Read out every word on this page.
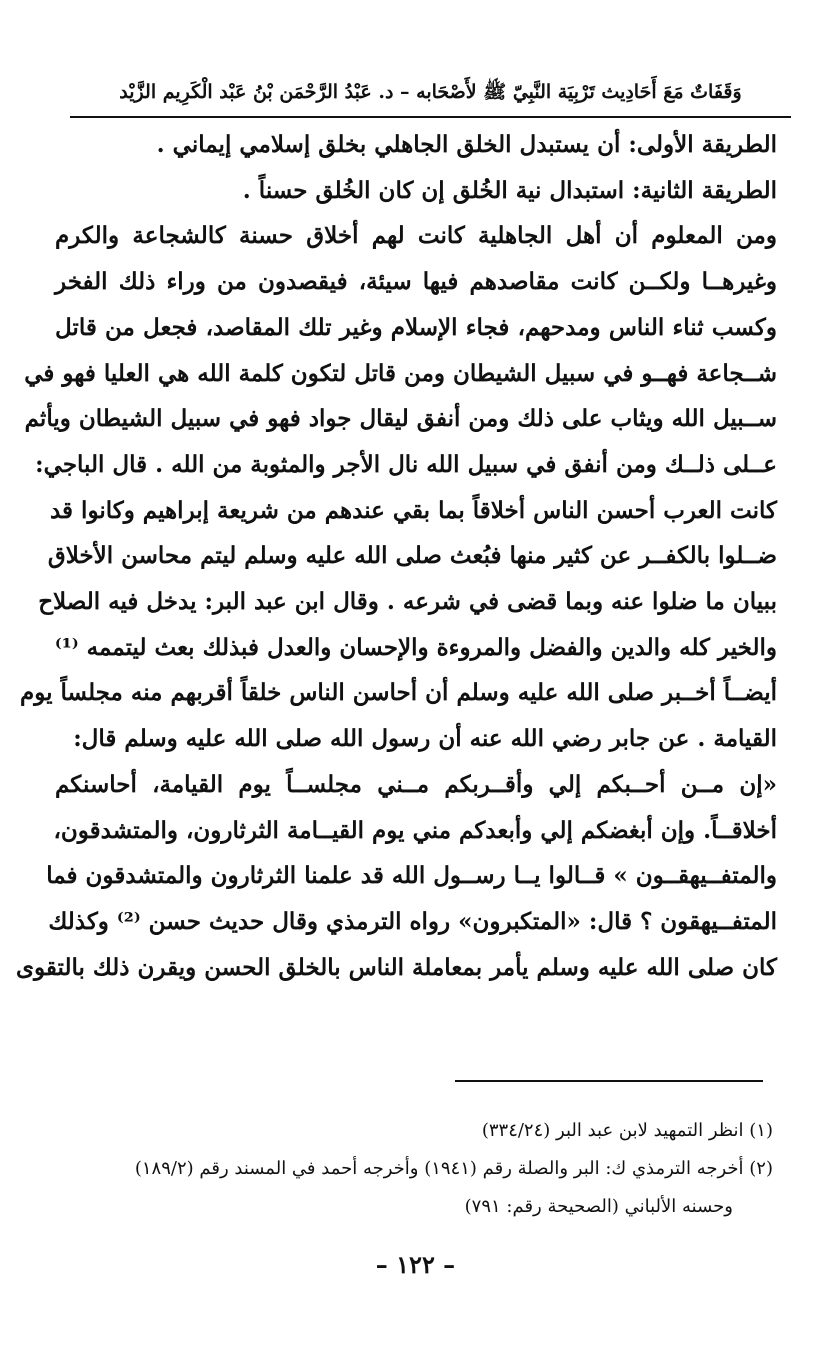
وَقَفَاتٌ مَعَ أَحَادِيث تَرْبِيَة النَّبِيّ ﷺ لأَصْحَابه – د. عَبْدُ الرَّحْمَن بْنُ عَبْد الْكَرِيم الزَّيْد
الطريقة الأولى: أن يستبدل الخلق الجاهلي بخلق إسلامي إيماني .
الطريقة الثانية: استبدال نية الخُلق إن كان الخُلق حسناً .
ومن المعلوم أن أهل الجاهلية كانت لهم أخلاق حسنة كالشجاعة والكرم
وغيرهــا ولكــن كانت مقاصدهم فيها سيئة، فيقصدون من وراء ذلك الفخر
وكسب ثناء الناس ومدحهم، فجاء الإسلام وغير تلك المقاصد، فجعل من قاتل
شــجاعة فهــو في سبيل الشيطان ومن قاتل لتكون كلمة الله هي العليا فهو في
ســبيل الله ويثاب على ذلك ومن أنفق ليقال جواد فهو في سبيل الشيطان ويأثم
عــلى ذلــك ومن أنفق في سبيل الله نال الأجر والمثوبة من الله . قال الباجي:
كانت العرب أحسن الناس أخلاقاً بما بقي عندهم من شريعة إبراهيم وكانوا قد
ضــلوا بالكفــر عن كثير منها فبُعث صلى الله عليه وسلم ليتم محاسن الأخلاق
ببيان ما ضلوا عنه وبما قضى في شرعه . وقال ابن عبد البر: يدخل فيه الصلاح
والخير كله والدين والفضل والمروءة والإحسان والعدل فبذلك بعث ليتممه ⁽¹⁾
أيضــاً أخــبر صلى الله عليه وسلم أن أحاسن الناس خلقاً أقربهم منه مجلساً يوم
القيامة . عن جابر رضي الله عنه أن رسول الله صلى الله عليه وسلم قال:
«إن مــن أحــبكم إلي وأقــربكم مــني مجلســاً يوم القيامة، أحاسنكم
أخلاقــاً. وإن أبغضكم إلي وأبعدكم مني يوم القيــامة الثرثارون، والمتشدقون،
والمتفــيهقــون » قــالوا يــا رســول الله قد علمنا الثرثارون والمتشدقون فما
المتفــيهقون ؟ قال: «المتكبرون» رواه الترمذي وقال حديث حسن ⁽²⁾ وكذلك
كان صلى الله عليه وسلم يأمر بمعاملة الناس بالخلق الحسن ويقرن ذلك بالتقوى
(١) انظر التمهيد لابن عبد البر (٣٣٤/٢٤)
(٢) أخرجه الترمذي ك: البر والصلة رقم (١٩٤١) وأخرجه أحمد في المسند رقم (١٨٩/٢)
وحسنه الألباني (الصحيحة رقم: ٧٩١)
– ١٢٢ –
